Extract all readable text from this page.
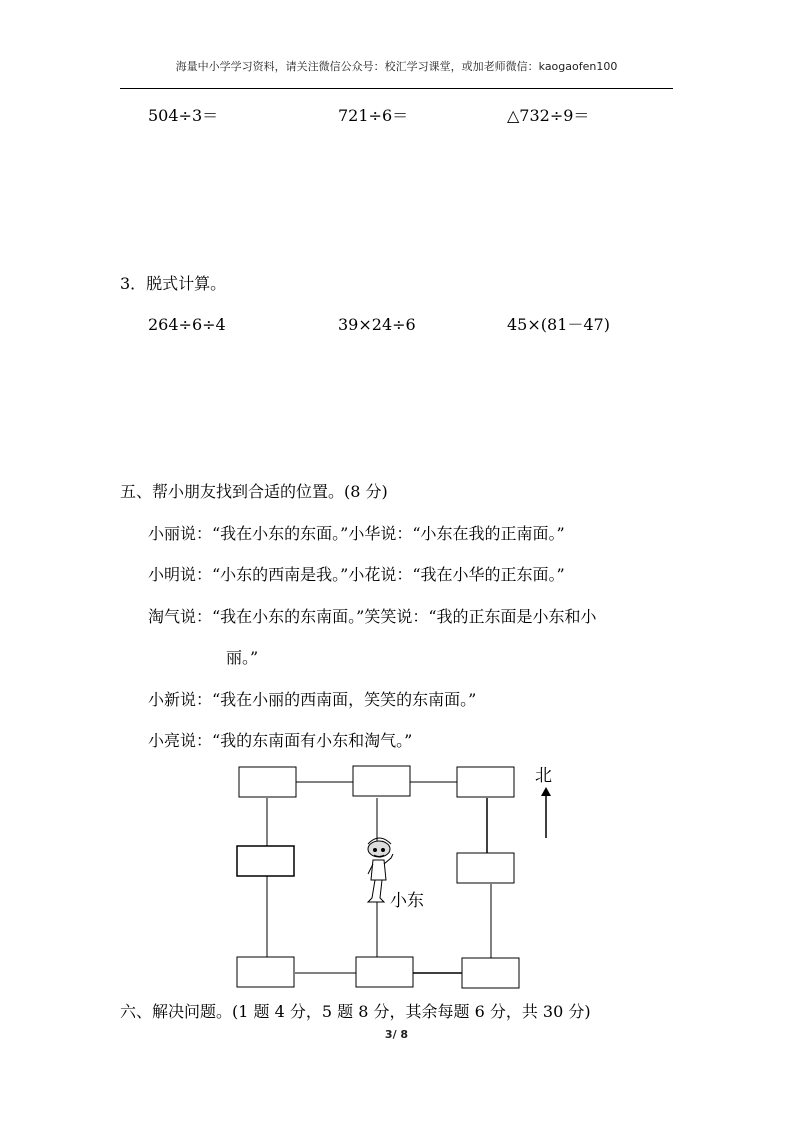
海量中小学学习资料，请关注微信公众号：校汇学习课堂，或加老师微信：kaogaofen100
504÷3＝	721÷6＝	△732÷9＝
3．脱式计算。
264÷6÷4	39×24÷6	45×(81－47)
五、帮小朋友找到合适的位置。(8 分)
小丽说：“我在小东的东面。”小华说：“小东在我的正南面。”
小明说：“小东的西南是我。”小花说：“我在小华的正东面。”
淘气说：“我在小东的东南面。”笑笑说：“我的正东面是小东和小
丽。”
小新说：“我在小丽的西南面，笑笑的东南面。”
小亮说：“我的东南面有小东和淘气。”
小东
北
六、解决问题。(1 题 4 分，5 题 8 分，其余每题 6 分，共 30 分)
3/ 8
